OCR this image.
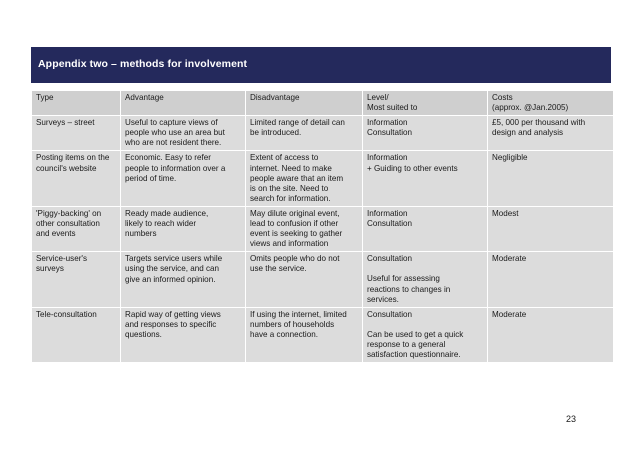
Appendix two – methods for involvement
Type	Advantage	Disadvantage	Level/
Most suited to	Costs
(approx. @Jan.2005)

Surveys – street	Useful to capture views of
people who use an area but
who are not resident there.	Limited range of detail can
be introduced.	Information
Consultation	£5, 000 per thousand with
design and analysis

Posting items on the
council's website	Economic. Easy to refer
people to information over a
period of time.	Extent of access to
internet. Need to make
people aware that an item
is on the site. Need to
search for information.	Information
+ Guiding to other events	Negligible

'Piggy-backing' on
other consultation
and events	Ready made audience,
likely to reach wider
numbers	May dilute original event,
lead to confusion if other
event is seeking to gather
views and information	Information
Consultation	Modest

Service-user's
surveys	Targets service users while
using the service, and can
give an informed opinion.	Omits people who do not
use the service.	Consultation
Useful for assessing
reactions to changes in
services.	Moderate

Tele-consultation	Rapid way of getting views
and responses to specific
questions.	If using the internet, limited
numbers of households
have a connection.	Consultation
Can be used to get a quick
response to a general
satisfaction questionnaire.	Moderate
23
